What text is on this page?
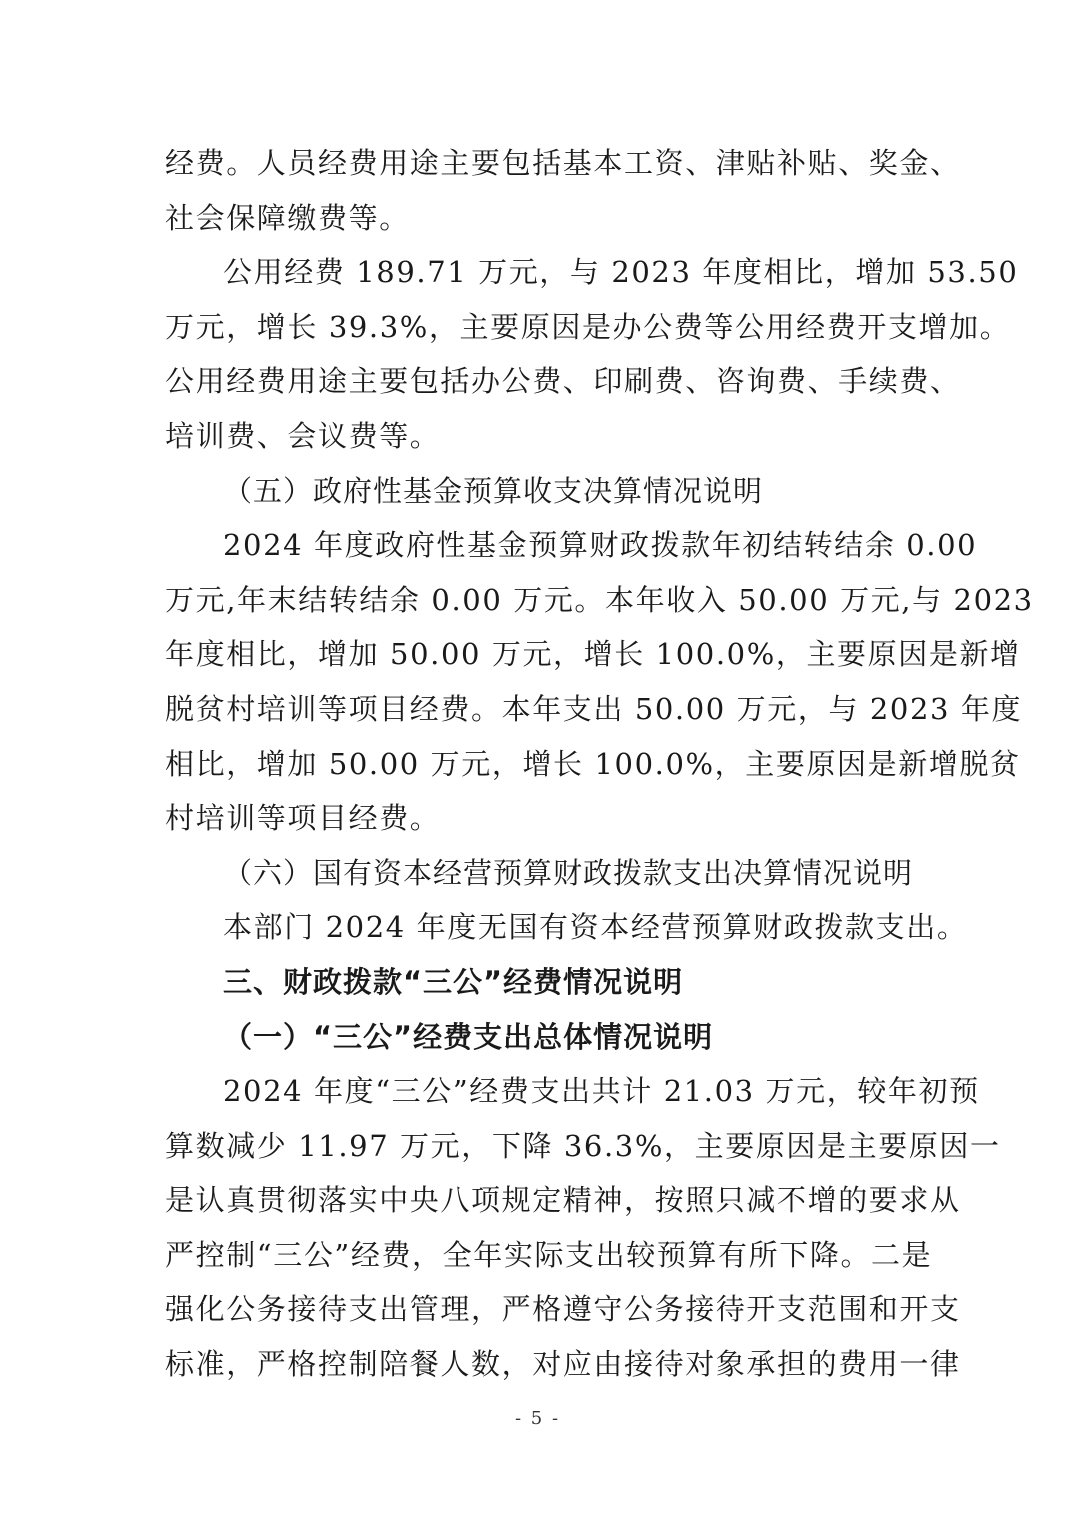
经费。人员经费用途主要包括基本工资、津贴补贴、奖金、
社会保障缴费等。
公用经费 189.71 万元，与 2023 年度相比，增加 53.50
万元，增长 39.3%，主要原因是办公费等公用经费开支增加。
公用经费用途主要包括办公费、印刷费、咨询费、手续费、
培训费、会议费等。
（五）政府性基金预算收支决算情况说明
2024 年度政府性基金预算财政拨款年初结转结余 0.00
万元,年末结转结余 0.00 万元。本年收入 50.00 万元,与 2023
年度相比，增加 50.00 万元，增长 100.0%，主要原因是新增
脱贫村培训等项目经费。本年支出 50.00 万元，与 2023 年度
相比，增加 50.00 万元，增长 100.0%，主要原因是新增脱贫
村培训等项目经费。
（六）国有资本经营预算财政拨款支出决算情况说明
本部门 2024 年度无国有资本经营预算财政拨款支出。
三、财政拨款“三公”经费情况说明
（一）“三公”经费支出总体情况说明
2024 年度“三公”经费支出共计 21.03 万元，较年初预
算数减少 11.97 万元，下降 36.3%，主要原因是主要原因一
是认真贯彻落实中央八项规定精神，按照只减不增的要求从
严控制“三公”经费，全年实际支出较预算有所下降。二是
强化公务接待支出管理，严格遵守公务接待开支范围和开支
标准，严格控制陪餐人数，对应由接待对象承担的费用一律
- 5 -
